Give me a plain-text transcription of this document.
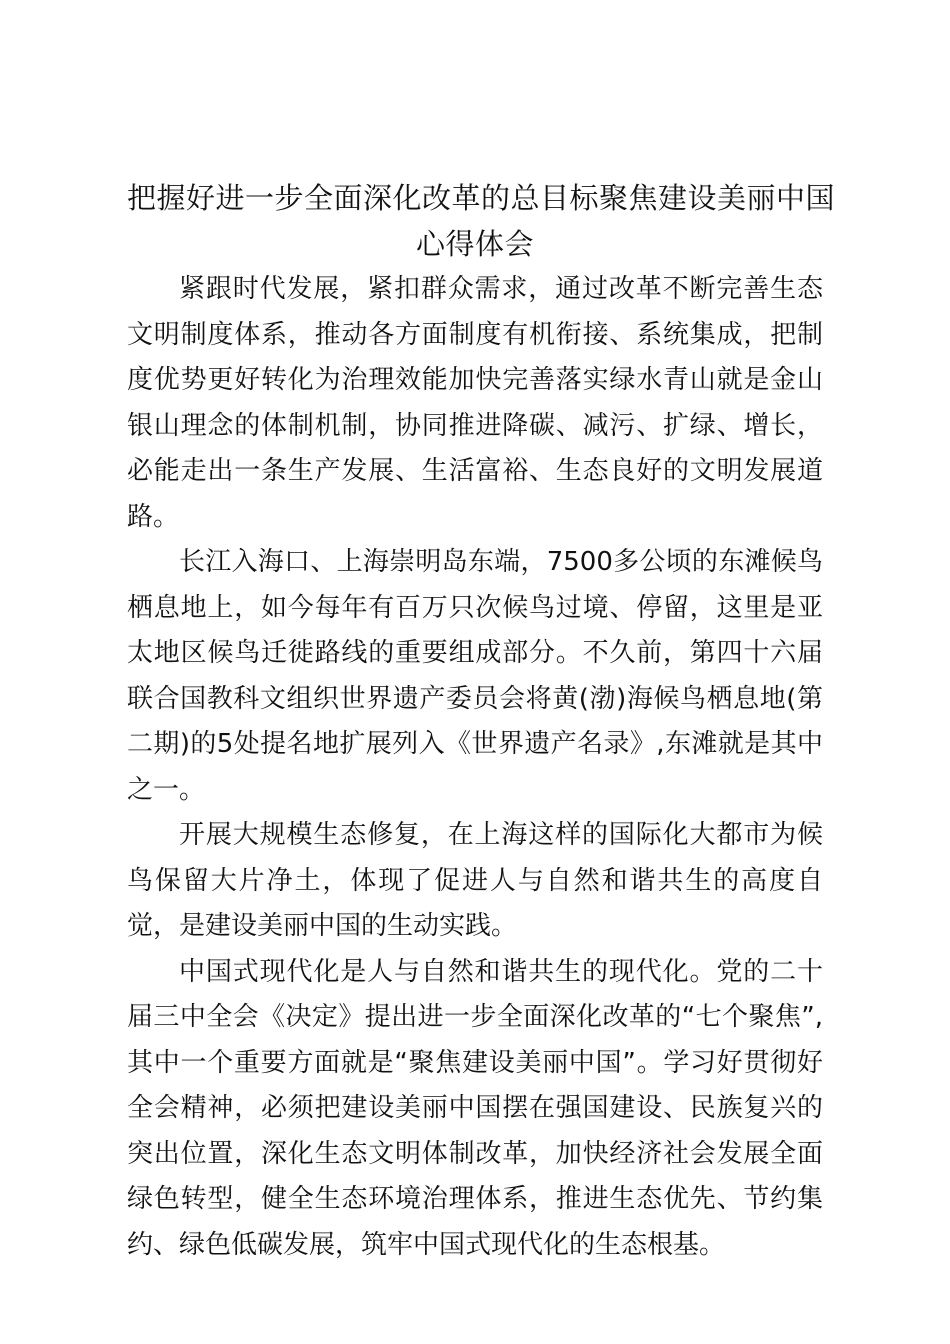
把握好进一步全面深化改革的总目标聚焦建设美丽中国
心得体会

紧跟时代发展，紧扣群众需求，通过改革不断完善生态文明制度体系，推动各方面制度有机衔接、系统集成，把制度优势更好转化为治理效能加快完善落实绿水青山就是金山银山理念的体制机制，协同推进降碳、减污、扩绿、增长，必能走出一条生产发展、生活富裕、生态良好的文明发展道路。

长江入海口、上海崇明岛东端，7500多公顷的东滩候鸟栖息地上，如今每年有百万只次候鸟过境、停留，这里是亚太地区候鸟迁徙路线的重要组成部分。不久前，第四十六届联合国教科文组织世界遗产委员会将黄(渤)海候鸟栖息地(第二期)的5处提名地扩展列入《世界遗产名录》,东滩就是其中之一。

开展大规模生态修复，在上海这样的国际化大都市为候鸟保留大片净土，体现了促进人与自然和谐共生的高度自觉，是建设美丽中国的生动实践。

中国式现代化是人与自然和谐共生的现代化。党的二十届三中全会《决定》提出进一步全面深化改革的“七个聚焦”,其中一个重要方面就是“聚焦建设美丽中国”。学习好贯彻好全会精神，必须把建设美丽中国摆在强国建设、民族复兴的突出位置，深化生态文明体制改革，加快经济社会发展全面绿色转型，健全生态环境治理体系，推进生态优先、节约集约、绿色低碳发展，筑牢中国式现代化的生态根基。
